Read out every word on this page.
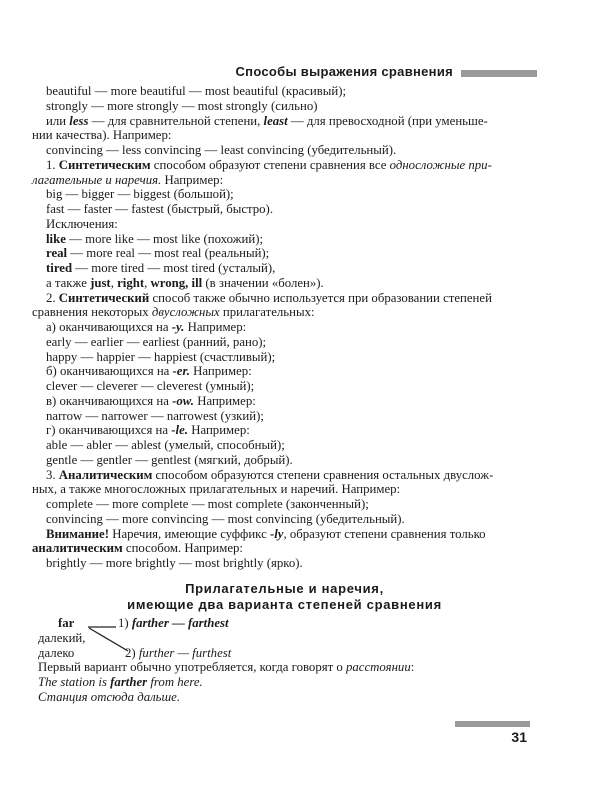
Способы выражения сравнения
beautiful — more beautiful — most beautiful (красивый);
strongly — more strongly — most strongly (сильно)
или less — для сравнительной степени, least — для превосходной (при уменьше-
нии качества). Например:
convincing — less convincing — least convincing (убедительный).
1. Синтетическим способом образуют степени сравнения все односложные при-
лагательные и наречия. Например:
big — bigger — biggest (большой);
fast — faster — fastest (быстрый, быстро).
Исключения:
like — more like — most like (похожий);
real — more real — most real (реальный);
tired — more tired — most tired (усталый),
а также just, right, wrong, ill (в значении «болен»).
2. Синтетический способ также обычно используется при образовании степеней
сравнения некоторых двусложных прилагательных:
а) оканчивающихся на -y. Например:
early — earlier — earliest (ранний, рано);
happy — happier — happiest (счастливый);
б) оканчивающихся на -er. Например:
clever — cleverer — cleverest (умный);
в) оканчивающихся на -ow. Например:
narrow — narrower — narrowest (узкий);
г) оканчивающихся на -le. Например:
able — abler — ablest (умелый, способный);
gentle — gentler — gentlest (мягкий, добрый).
3. Аналитическим способом образуются степени сравнения остальных двуслож-
ных, а также многосложных прилагательных и наречий. Например:
complete — more complete — most complete (законченный);
convincing — more convincing — most convincing (убедительный).
Внимание! Наречия, имеющие суффикс -ly, образуют степени сравнения только
аналитическим способом. Например:
brightly — more brightly — most brightly (ярко).
Прилагательные и наречия,
имеющие два варианта степеней сравнения
far	1) farther — farthest
далекий,
далеко	2) further — furthest
Первый вариант обычно употребляется, когда говорят о расстоянии:
The station is farther from here.
Станция отсюда дальше.
31
